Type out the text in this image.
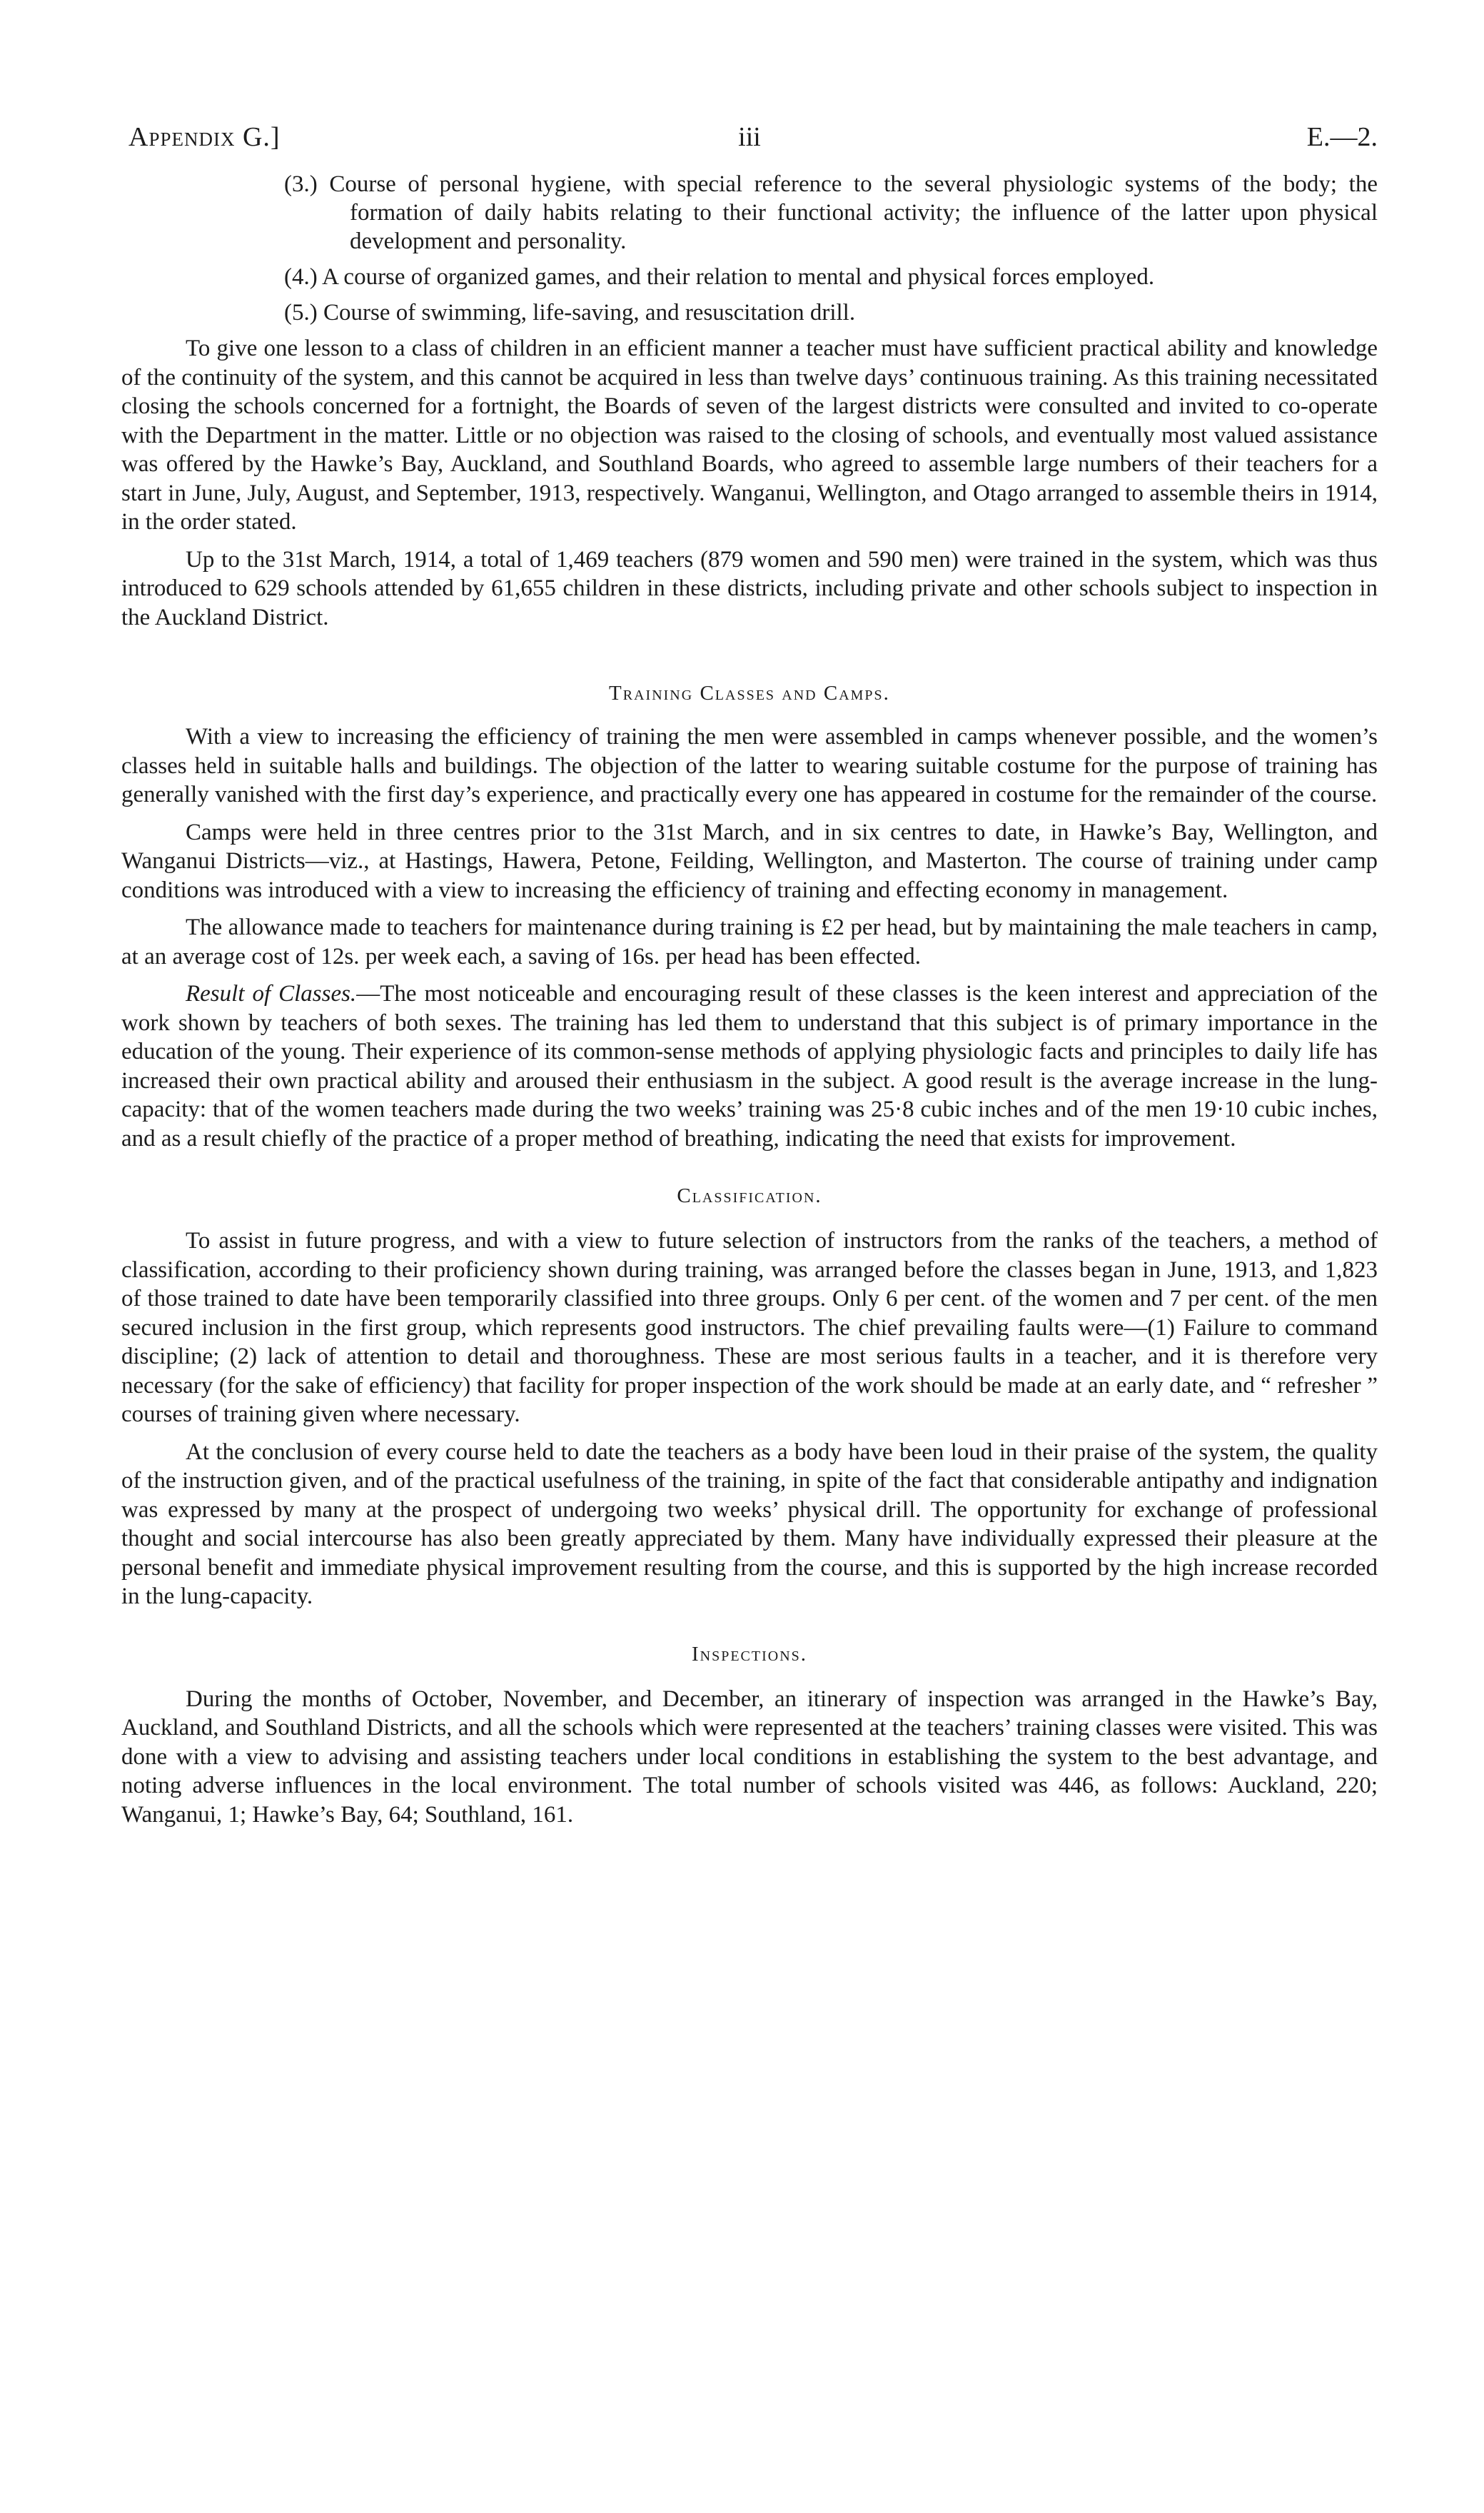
Appendix G.]	iii	E.—2.
(3.) Course of personal hygiene, with special reference to the several physiologic systems of the body; the formation of daily habits relating to their functional activity; the influence of the latter upon physical development and personality.
(4.) A course of organized games, and their relation to mental and physical forces employed.
(5.) Course of swimming, life-saving, and resuscitation drill.

To give one lesson to a class of children in an efficient manner a teacher must have sufficient practical ability and knowledge of the continuity of the system, and this cannot be acquired in less than twelve days’ continuous training. As this training necessitated closing the schools concerned for a fortnight, the Boards of seven of the largest districts were consulted and invited to co-operate with the Department in the matter. Little or no objection was raised to the closing of schools, and eventually most valued assistance was offered by the Hawke’s Bay, Auckland, and Southland Boards, who agreed to assemble large numbers of their teachers for a start in June, July, August, and September, 1913, respectively. Wanganui, Wellington, and Otago arranged to assemble theirs in 1914, in the order stated.

Up to the 31st March, 1914, a total of 1,469 teachers (879 women and 590 men) were trained in the system, which was thus introduced to 629 schools attended by 61,655 children in these districts, including private and other schools subject to inspection in the Auckland District.

Training Classes and Camps.

With a view to increasing the efficiency of training the men were assembled in camps whenever possible, and the women’s classes held in suitable halls and buildings. The objection of the latter to wearing suitable costume for the purpose of training has generally vanished with the first day’s experience, and practically every one has appeared in costume for the remainder of the course.

Camps were held in three centres prior to the 31st March, and in six centres to date, in Hawke’s Bay, Wellington, and Wanganui Districts—viz., at Hastings, Hawera, Petone, Feilding, Wellington, and Masterton. The course of training under camp conditions was introduced with a view to increasing the efficiency of training and effecting economy in management.

The allowance made to teachers for maintenance during training is £2 per head, but by maintaining the male teachers in camp, at an average cost of 12s. per week each, a saving of 16s. per head has been effected.

Result of Classes.—The most noticeable and encouraging result of these classes is the keen interest and appreciation of the work shown by teachers of both sexes. The training has led them to understand that this subject is of primary importance in the education of the young. Their experience of its common-sense methods of applying physiologic facts and principles to daily life has increased their own practical ability and aroused their enthusiasm in the subject. A good result is the average increase in the lung-capacity: that of the women teachers made during the two weeks’ training was 25·8 cubic inches and of the men 19·10 cubic inches, and as a result chiefly of the practice of a proper method of breathing, indicating the need that exists for improvement.

Classification.

To assist in future progress, and with a view to future selection of instructors from the ranks of the teachers, a method of classification, according to their proficiency shown during training, was arranged before the classes began in June, 1913, and 1,823 of those trained to date have been temporarily classified into three groups. Only 6 per cent. of the women and 7 per cent. of the men secured inclusion in the first group, which represents good instructors. The chief prevailing faults were—(1) Failure to command discipline; (2) lack of attention to detail and thoroughness. These are most serious faults in a teacher, and it is therefore very necessary (for the sake of efficiency) that facility for proper inspection of the work should be made at an early date, and “ refresher ” courses of training given where necessary.

At the conclusion of every course held to date the teachers as a body have been loud in their praise of the system, the quality of the instruction given, and of the practical usefulness of the training, in spite of the fact that considerable antipathy and indignation was expressed by many at the prospect of undergoing two weeks’ physical drill. The opportunity for exchange of professional thought and social intercourse has also been greatly appreciated by them. Many have individually expressed their pleasure at the personal benefit and immediate physical improvement resulting from the course, and this is supported by the high increase recorded in the lung-capacity.

Inspections.

During the months of October, November, and December, an itinerary of inspection was arranged in the Hawke’s Bay, Auckland, and Southland Districts, and all the schools which were represented at the teachers’ training classes were visited. This was done with a view to advising and assisting teachers under local conditions in establishing the system to the best advantage, and noting adverse influences in the local environment. The total number of schools visited was 446, as follows: Auckland, 220; Wanganui, 1; Hawke’s Bay, 64; Southland, 161.
